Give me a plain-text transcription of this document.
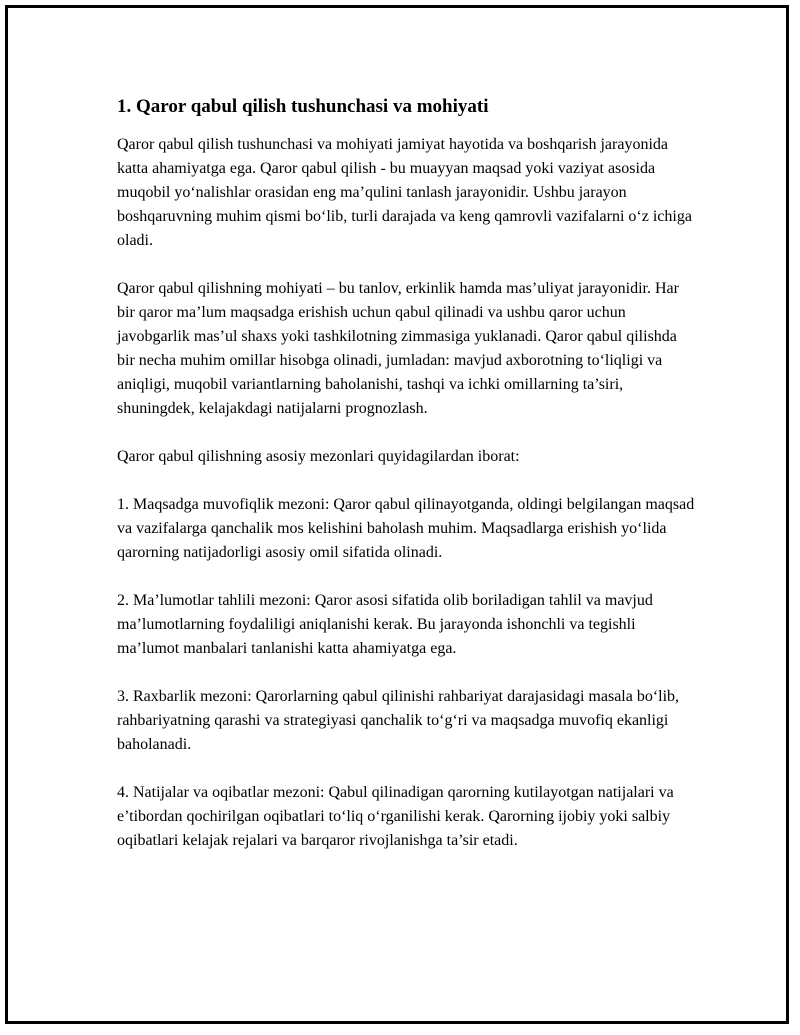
1. Qaror qabul qilish tushunchasi va mohiyati

Qaror qabul qilish tushunchasi va mohiyati jamiyat hayotida va boshqarish jarayonida katta ahamiyatga ega. Qaror qabul qilish - bu muayyan maqsad yoki vaziyat asosida muqobil yo‘nalishlar orasidan eng ma’qulini tanlash jarayonidir. Ushbu jarayon boshqaruvning muhim qismi bo‘lib, turli darajada va keng qamrovli vazifalarni o‘z ichiga oladi.

Qaror qabul qilishning mohiyati – bu tanlov, erkinlik hamda mas’uliyat jarayonidir. Har bir qaror ma’lum maqsadga erishish uchun qabul qilinadi va ushbu qaror uchun javobgarlik mas’ul shaxs yoki tashkilotning zimmasiga yuklanadi. Qaror qabul qilishda bir necha muhim omillar hisobga olinadi, jumladan: mavjud axborotning to‘liqligi va aniqligi, muqobil variantlarning baholanishi, tashqi va ichki omillarning ta’siri, shuningdek, kelajakdagi natijalarni prognozlash.

Qaror qabul qilishning asosiy mezonlari quyidagilardan iborat:

1. Maqsadga muvofiqlik mezoni: Qaror qabul qilinayotganda, oldingi belgilangan maqsad va vazifalarga qanchalik mos kelishini baholash muhim. Maqsadlarga erishish yo‘lida qarorning natijadorligi asosiy omil sifatida olinadi.

2. Ma’lumotlar tahlili mezoni: Qaror asosi sifatida olib boriladigan tahlil va mavjud ma’lumotlarning foydaliligi aniqlanishi kerak. Bu jarayonda ishonchli va tegishli ma’lumot manbalari tanlanishi katta ahamiyatga ega.

3. Raxbarlik mezoni: Qarorlarning qabul qilinishi rahbariyat darajasidagi masala bo‘lib, rahbariyatning qarashi va strategiyasi qanchalik to‘g‘ri va maqsadga muvofiq ekanligi baholanadi.

4. Natijalar va oqibatlar mezoni: Qabul qilinadigan qarorning kutilayotgan natijalari va e’tibordan qochirilgan oqibatlari to‘liq o‘rganilishi kerak. Qarorning ijobiy yoki salbiy oqibatlari kelajak rejalari va barqaror rivojlanishga ta’sir etadi.
